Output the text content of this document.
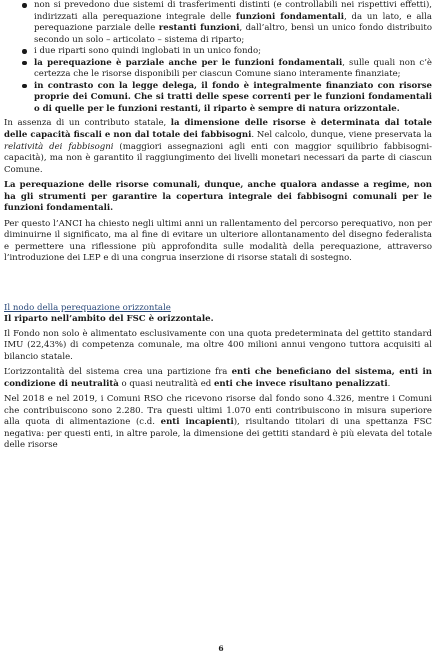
non si prevedono due sistemi di trasferimenti distinti (e controllabili nei rispettivi effetti), indirizzati alla perequazione integrale delle funzioni fondamentali, da un lato, e alla perequazione parziale delle restanti funzioni, dall’altro, bensì un unico fondo distribuito secondo un solo – articolato – sistema di riparto;

i due riparti sono quindi inglobati in un unico fondo;

la perequazione è parziale anche per le funzioni fondamentali, sulle quali non c’è certezza che le risorse disponibili per ciascun Comune siano interamente finanziate;

in contrasto con la legge delega, il fondo è integralmente finanziato con risorse proprie dei Comuni. Che si tratti delle spese correnti per le funzioni fondamentali o di quelle per le funzioni restanti, il riparto è sempre di natura orizzontale.

In assenza di un contributo statale, la dimensione delle risorse è determinata dal totale delle capacità fiscali e non dal totale dei fabbisogni. Nel calcolo, dunque, viene preservata la relatività dei fabbisogni (maggiori assegnazioni agli enti con maggior squilibrio fabbisogni-capacità), ma non è garantito il raggiungimento dei livelli monetari necessari da parte di ciascun Comune.

La perequazione delle risorse comunali, dunque, anche qualora andasse a regime, non ha gli strumenti per garantire la copertura integrale dei fabbisogni comunali per le funzioni fondamentali.

Per questo l’ANCI ha chiesto negli ultimi anni un rallentamento del percorso perequativo, non per diminuirne il significato, ma al fine di evitare un ulteriore allontanamento del disegno federalista e permettere una riflessione più approfondita sulle modalità della perequazione, attraverso l’introduzione dei LEP e di una congrua inserzione di risorse statali di sostegno.

Il nodo della perequazione orizzontale
Il riparto nell’ambito del FSC è orizzontale.

Il Fondo non solo è alimentato esclusivamente con una quota predeterminata del gettito standard IMU (22,43%) di competenza comunale, ma oltre 400 milioni annui vengono tuttora acquisiti al bilancio statale.

L’orizzontalità del sistema crea una partizione fra enti che beneficiano del sistema, enti in condizione di neutralità o quasi neutralità ed enti che invece risultano penalizzati.

Nel 2018 e nel 2019, i Comuni RSO che ricevono risorse dal fondo sono 4.326, mentre i Comuni che contribuiscono sono 2.280. Tra questi ultimi 1.070 enti contribuiscono in misura superiore alla quota di alimentazione (c.d. enti incapienti), risultando titolari di una spettanza FSC negativa: per questi enti, in altre parole, la dimensione dei gettiti standard è più elevata del totale delle risorse

6
